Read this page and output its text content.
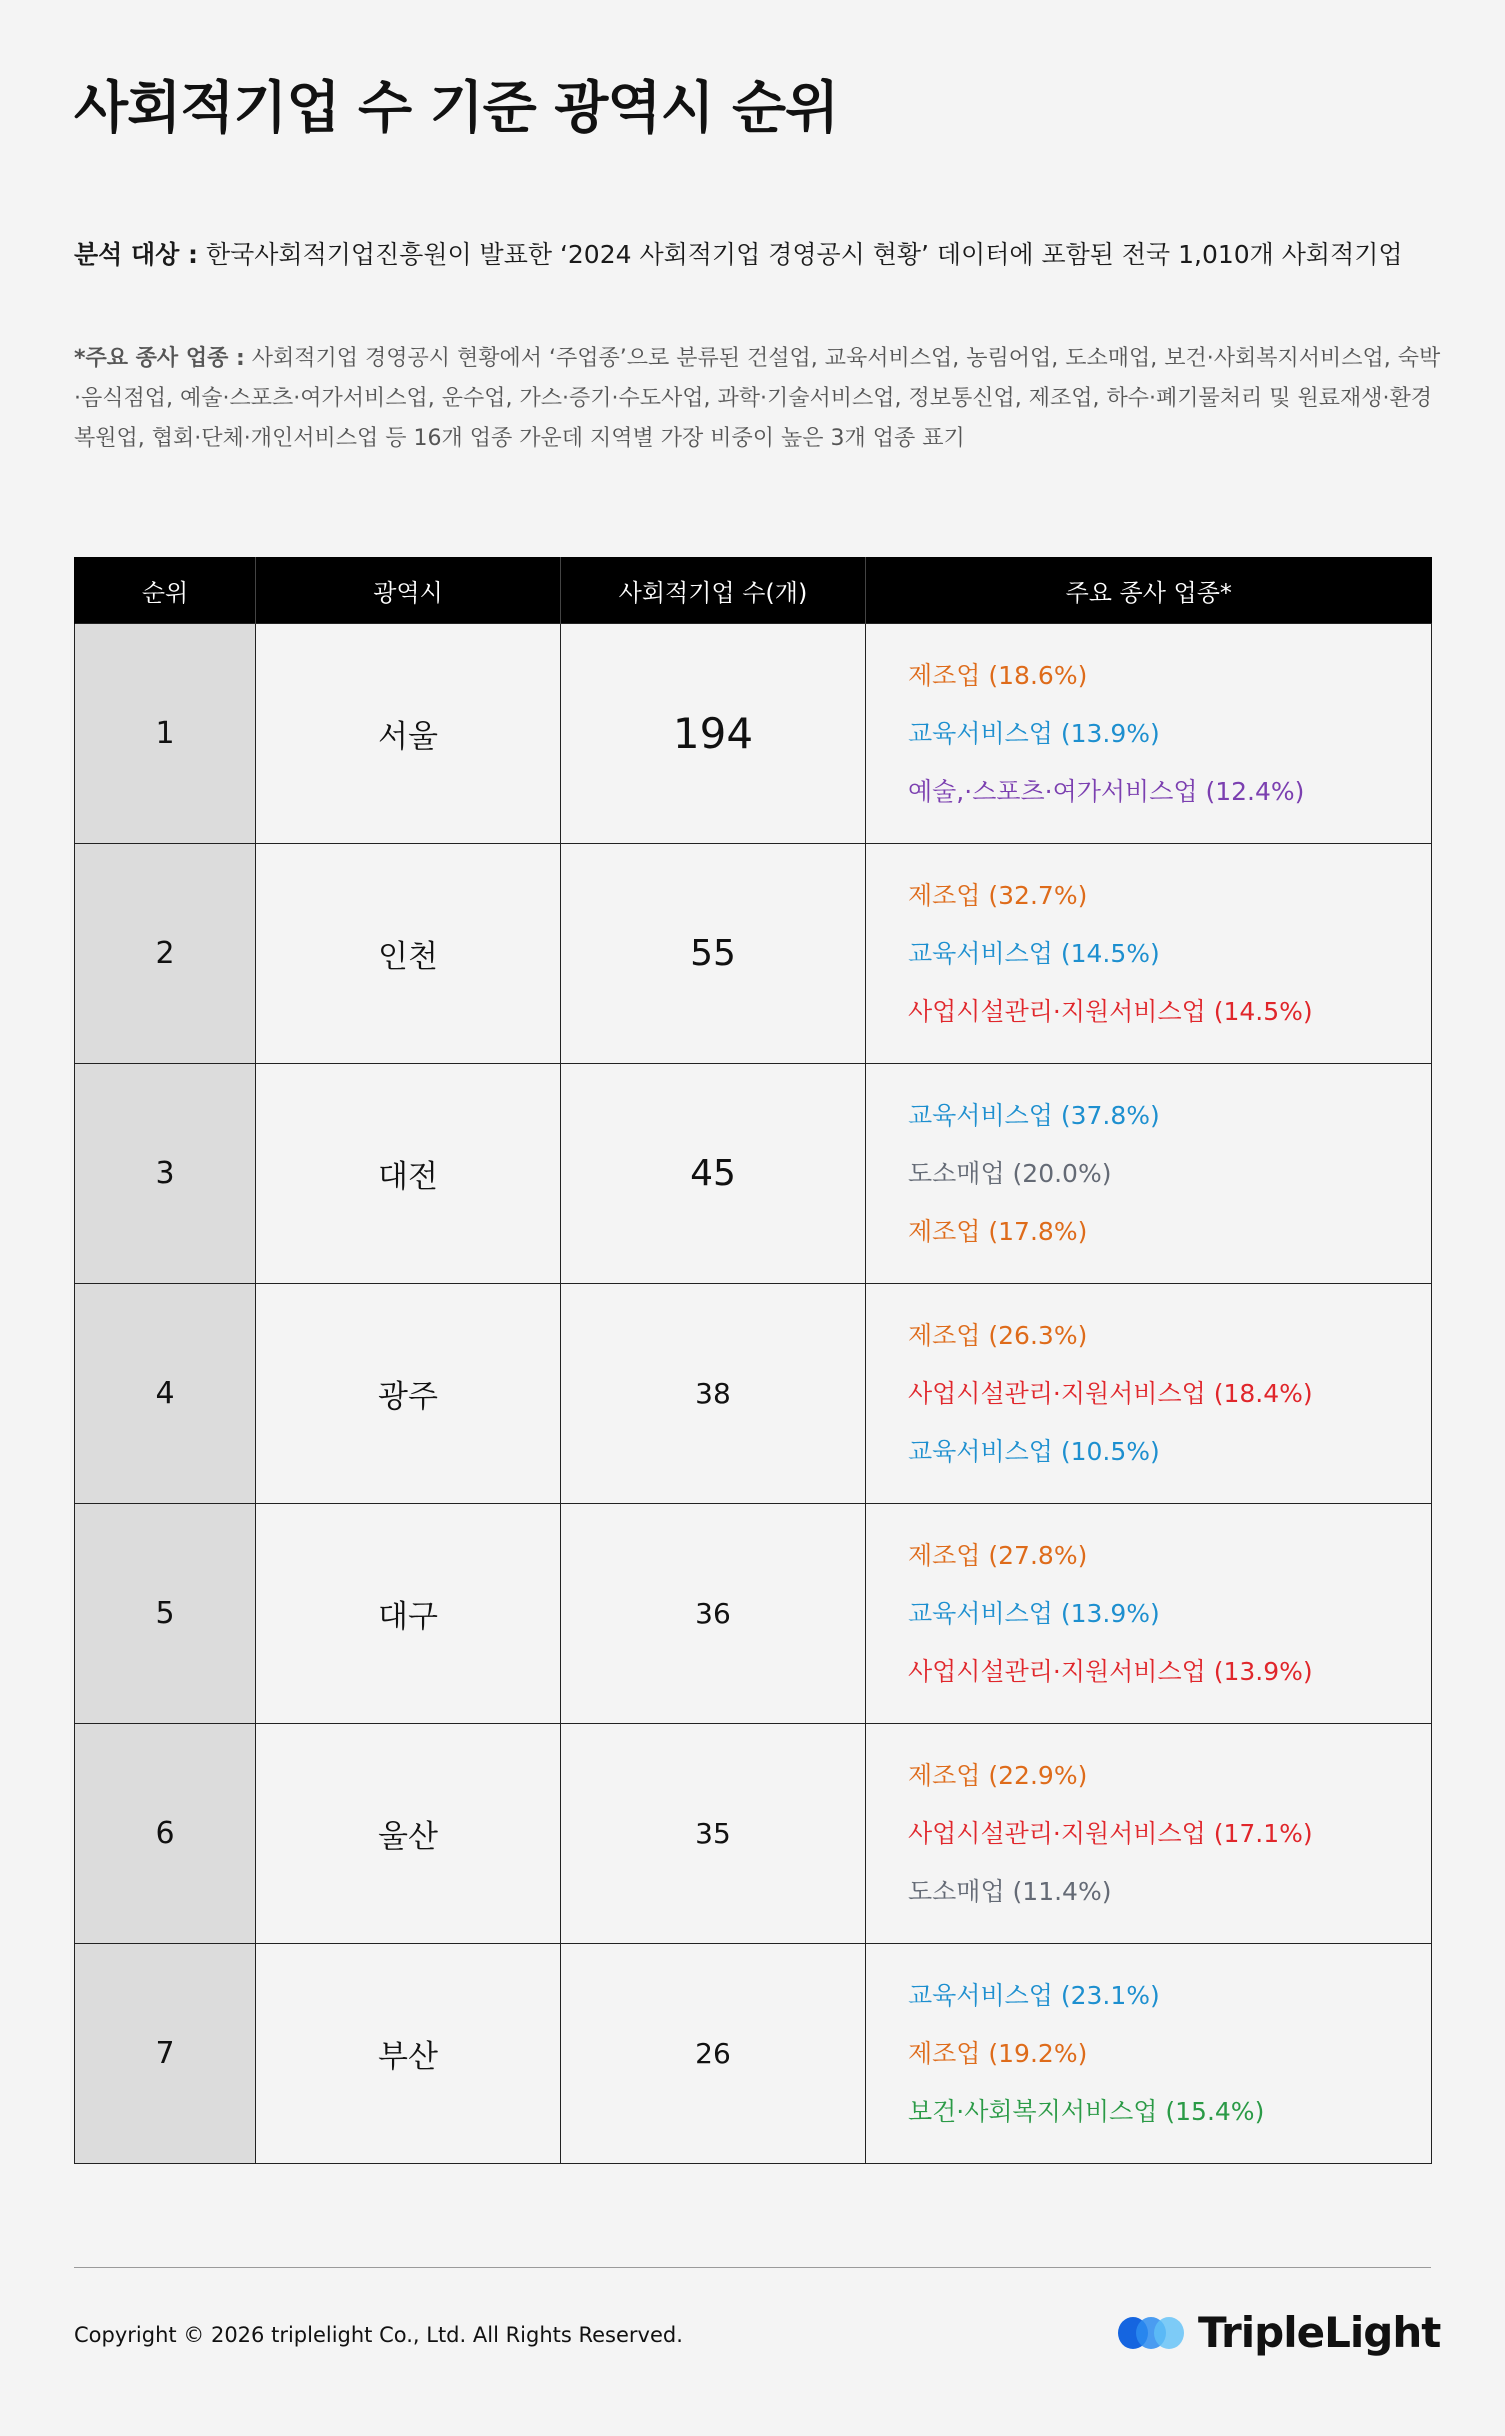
사회적기업 수 기준 광역시 순위
분석 대상 : 한국사회적기업진흥원이 발표한 ‘2024 사회적기업 경영공시 현황’ 데이터에 포함된 전국 1,010개 사회적기업
*주요 종사 업종 : 사회적기업 경영공시 현황에서 ‘주업종’으로 분류된 건설업, 교육서비스업, 농림어업, 도소매업, 보건·사회복지서비스업, 숙박·음식점업, 예술·스포츠·여가서비스업, 운수업, 가스·증기·수도사업, 과학·기술서비스업, 정보통신업, 제조업, 하수·폐기물처리 및 원료재생·환경복원업, 협회·단체·개인서비스업 등 16개 업종 가운데 지역별 가장 비중이 높은 3개 업종 표기
순위	광역시	사회적기업 수(개)	주요 종사 업종*
1	서울	194	제조업 (18.6%)
교육서비스업 (13.9%)
예술,·스포츠·여가서비스업 (12.4%)

2	인천	55	제조업 (32.7%)
교육서비스업 (14.5%)
사업시설관리·지원서비스업 (14.5%)

3	대전	45	교육서비스업 (37.8%)
도소매업 (20.0%)
제조업 (17.8%)

4	광주	38	제조업 (26.3%)
사업시설관리·지원서비스업 (18.4%)
교육서비스업 (10.5%)

5	대구	36	제조업 (27.8%)
교육서비스업 (13.9%)
사업시설관리·지원서비스업 (13.9%)

6	울산	35	제조업 (22.9%)
사업시설관리·지원서비스업 (17.1%)
도소매업 (11.4%)

7	부산	26	교육서비스업 (23.1%)
제조업 (19.2%)
보건·사회복지서비스업 (15.4%)
Copyright © 2026 triplelight Co., Ltd. All Rights Reserved.	TripleLight
